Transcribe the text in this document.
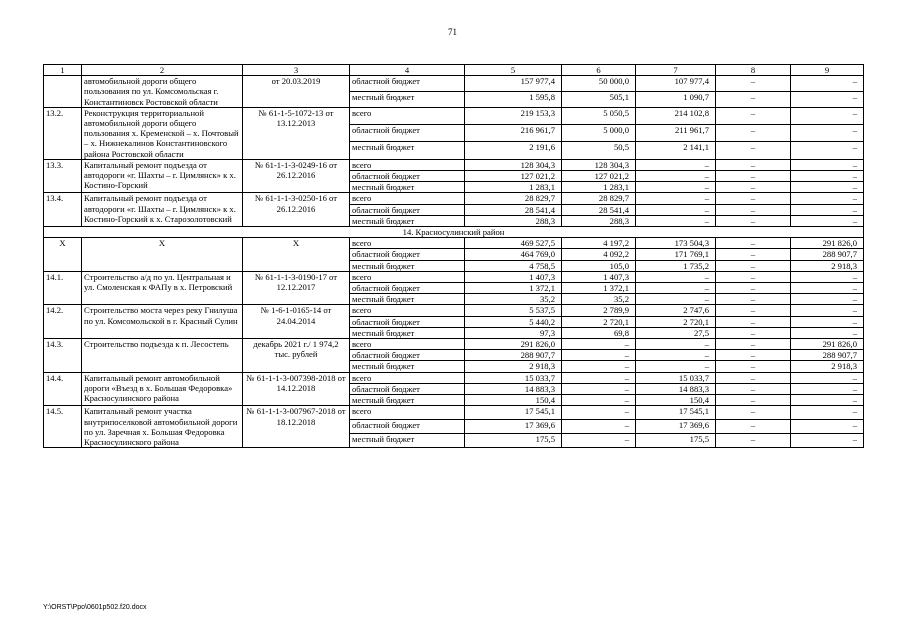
71
1	2	3	4	5	6	7	8	9
	автомобильной дороги общего пользования по ул. Комсомольская г. Константиновск Ростовской области	от 20.03.2019	областной бюджет	157 977,4	50 000,0	107 977,4	–	–
			местный бюджет	1 595,8	505,1	1 090,7	–	–
13.2.	Реконструкция территориальной автомобильной дороги общего пользования х. Кременской – х. Почтовый – х. Нижнекалинов Константиновского района Ростовской области	№ 61-1-5-1072-13 от 13.12.2013	всего	219 153,3	5 050,5	214 102,8	–	–
			областной бюджет	216 961,7	5 000,0	211 961,7	–	–
			местный бюджет	2 191,6	50,5	2 141,1	–	–
13.3.	Капитальный ремонт подъезда от автодороги «г. Шахты – г. Цимлянск» к х. Костино-Горский	№ 61-1-1-3-0249-16 от 26.12.2016	всего	128 304,3	128 304,3	–	–	–
			областной бюджет	127 021,2	127 021,2	–	–	–
			местный бюджет	1 283,1	1 283,1	–	–	–
13.4.	Капитальный ремонт подъезда от автодороги «г. Шахты – г. Цимлянск» к х. Костино-Горский к х. Старозолотовский	№ 61-1-1-3-0250-16 от 26.12.2016	всего	28 829,7	28 829,7	–	–	–
			областной бюджет	28 541,4	28 541,4	–	–	–
			местный бюджет	288,3	288,3	–	–	–
14. Красносулинский район								
Х	Х	Х	всего	469 527,5	4 197,2	173 504,3	–	291 826,0
			областной бюджет	464 769,0	4 092,2	171 769,1	–	288 907,7
			местный бюджет	4 758,5	105,0	1 735,2	–	2 918,3
14.1.	Строительство а/д по ул. Центральная и ул. Смоленская к ФАПу в х. Петровский	№ 61-1-1-3-0190-17 от 12.12.2017	всего	1 407,3	1 407,3	–	–	–
			областной бюджет	1 372,1	1 372,1	–	–	–
			местный бюджет	35,2	35,2	–	–	–
14.2.	Строительство моста через реку Гнилуша по ул. Комсомольской в г. Красный Сулин	№ 1-6-1-0165-14 от 24.04.2014	всего	5 537,5	2 789,9	2 747,6	–	–
			областной бюджет	5 440,2	2 720,1	2 720,1	–	–
			местный бюджет	97,3	69,8	27,5	–	–
14.3.	Строительство подъезда к п. Лесостепь	декабрь 2021 г./ 1 974,2 тыс. рублей	всего	291 826,0	–	–	–	291 826,0
			областной бюджет	288 907,7	–	–	–	288 907,7
			местный бюджет	2 918,3	–	–	–	2 918,3
14.4.	Капитальный ремонт автомобильной дороги «Въезд в х. Большая Федоровка» Красносулинского района	№ 61-1-1-3-007398-2018 от 14.12.2018	всего	15 033,7	–	15 033,7	–	–
			областной бюджет	14 883,3	–	14 883,3	–	–
			местный бюджет	150,4	–	150,4	–	–
14.5.	Капитальный ремонт участка внутрипоселковой автомобильной дороги по ул. Заречная х. Большая Федоровка Красносулинского района	№ 61-1-1-3-007967-2018 от 18.12.2018	всего	17 545,1	–	17 545,1	–	–
			областной бюджет	17 369,6	–	17 369,6	–	–
			местный бюджет	175,5	–	175,5	–	–
Y:\ORST\Ppo\0601p502.f20.docx
